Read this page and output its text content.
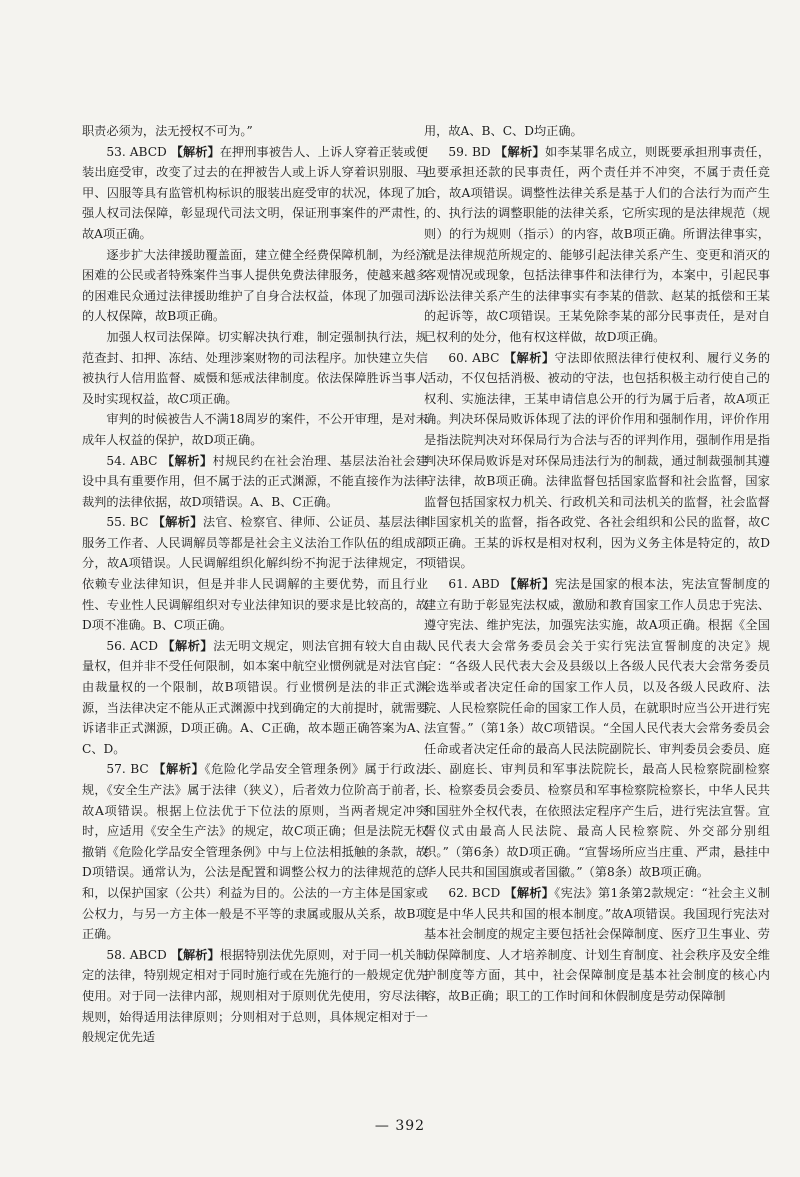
职责必须为，法无授权不可为。”

53. ABCD 【解析】在押刑事被告人、上诉人穿着正装或便装出庭受审，改变了过去的在押被告人或上诉人穿着识别服、马甲、囚服等具有监管机构标识的服装出庭受审的状况，体现了加强人权司法保障，彰显现代司法文明，保证刑事案件的严肃性，故A项正确。

逐步扩大法律援助覆盖面，建立健全经费保障机制，为经济困难的公民或者特殊案件当事人提供免费法律服务，使越来越多的困难民众通过法律援助维护了自身合法权益，体现了加强司法的人权保障，故B项正确。

加强人权司法保障。切实解决执行难，制定强制执行法，规范查封、扣押、冻结、处理涉案财物的司法程序。加快建立失信被执行人信用监督、威慑和惩戒法律制度。依法保障胜诉当事人及时实现权益，故C项正确。

审判的时候被告人不满18周岁的案件，不公开审理，是对未成年人权益的保护，故D项正确。

54. ABC 【解析】村规民约在社会治理、基层法治社会建设中具有重要作用，但不属于法的正式渊源，不能直接作为法律裁判的法律依据，故D项错误。A、B、C正确。

55. BC 【解析】法官、检察官、律师、公证员、基层法律服务工作者、人民调解员等都是社会主义法治工作队伍的组成部分，故A项错误。人民调解组织化解纠纷不拘泥于法律规定，不依赖专业法律知识，但是并非人民调解的主要优势，而且行业性、专业性人民调解组织对专业法律知识的要求是比较高的，故D项不准确。B、C项正确。

56. ACD 【解析】法无明文规定，则法官拥有较大自由裁量权，但并非不受任何限制，如本案中航空业惯例就是对法官自由裁量权的一个限制，故B项错误。行业惯例是法的非正式渊源，当法律决定不能从正式渊源中找到确定的大前提时，就需要诉诸非正式渊源，D项正确。A、C正确，故本题正确答案为A、C、D。

57. BC 【解析】《危险化学品安全管理条例》属于行政法规，《安全生产法》属于法律（狭义），后者效力位阶高于前者，故A项错误。根据上位法优于下位法的原则，当两者规定冲突时，应适用《安全生产法》的规定，故C项正确；但是法院无权撤销《危险化学品安全管理条例》中与上位法相抵触的条款，故D项错误。通常认为，公法是配置和调整公权力的法律规范的总和，以保护国家（公共）利益为目的。公法的一方主体是国家或公权力，与另一方主体一般是不平等的隶属或服从关系，故B项正确。

58. ABCD 【解析】根据特别法优先原则，对于同一机关制定的法律，特别规定相对于同时施行或在先施行的一般规定优先使用。对于同一法律内部，规则相对于原则优先使用，穷尽法律规则，始得适用法律原则；分则相对于总则，具体规定相对于一般规定优先适

用，故A、B、C、D均正确。

59. BD 【解析】如李某罪名成立，则既要承担刑事责任，也要承担还款的民事责任，两个责任并不冲突，不属于责任竞合，故A项错误。调整性法律关系是基于人们的合法行为而产生的、执行法的调整职能的法律关系，它所实现的是法律规范（规则）的行为规则（指示）的内容，故B项正确。所谓法律事实，就是法律规范所规定的、能够引起法律关系产生、变更和消灭的客观情况或现象，包括法律事件和法律行为，本案中，引起民事诉讼法律关系产生的法律事实有李某的借款、赵某的抵偿和王某的起诉等，故C项错误。王某免除李某的部分民事责任，是对自己权利的处分，他有权这样做，故D项正确。

60. ABC 【解析】守法即依照法律行使权利、履行义务的活动，不仅包括消极、被动的守法，也包括积极主动行使自己的权利、实施法律，王某申请信息公开的行为属于后者，故A项正确。判决环保局败诉体现了法的评价作用和强制作用，评价作用是指法院判决对环保局行为合法与否的评判作用，强制作用是指判决环保局败诉是对环保局违法行为的制裁，通过制裁强制其遵守法律，故B项正确。法律监督包括国家监督和社会监督，国家监督包括国家权力机关、行政机关和司法机关的监督，社会监督非国家机关的监督，指各政党、各社会组织和公民的监督，故C项正确。王某的诉权是相对权利，因为义务主体是特定的，故D项错误。

61. ABD 【解析】宪法是国家的根本法，宪法宣誓制度的建立有助于彰显宪法权威，激励和教育国家工作人员忠于宪法、遵守宪法、维护宪法，加强宪法实施，故A项正确。根据《全国人民代表大会常务委员会关于实行宪法宣誓制度的决定》规定：“各级人民代表大会及县级以上各级人民代表大会常务委员会选举或者决定任命的国家工作人员，以及各级人民政府、法院、人民检察院任命的国家工作人员，在就职时应当公开进行宪法宣誓。”（第1条）故C项错误。“全国人民代表大会常务委员会任命或者决定任命的最高人民法院副院长、审判委员会委员、庭长、副庭长、审判员和军事法院院长，最高人民检察院副检察长、检察委员会委员、检察员和军事检察院检察长，中华人民共和国驻外全权代表，在依照法定程序产生后，进行宪法宣誓。宣誓仪式由最高人民法院、最高人民检察院、外交部分别组织。”（第6条）故D项正确。“宣誓场所应当庄重、严肃，悬挂中华人民共和国国旗或者国徽。”（第8条）故B项正确。

62. BCD 【解析】《宪法》第1条第2款规定：“社会主义制度是中华人民共和国的根本制度。”故A项错误。我国现行宪法对基本社会制度的规定主要包括社会保障制度、医疗卫生事业、劳动保障制度、人才培养制度、计划生育制度、社会秩序及安全维护制度等方面，其中，社会保障制度是基本社会制度的核心内容，故B正确；职工的工作时间和休假制度是劳动保障制

— 392
